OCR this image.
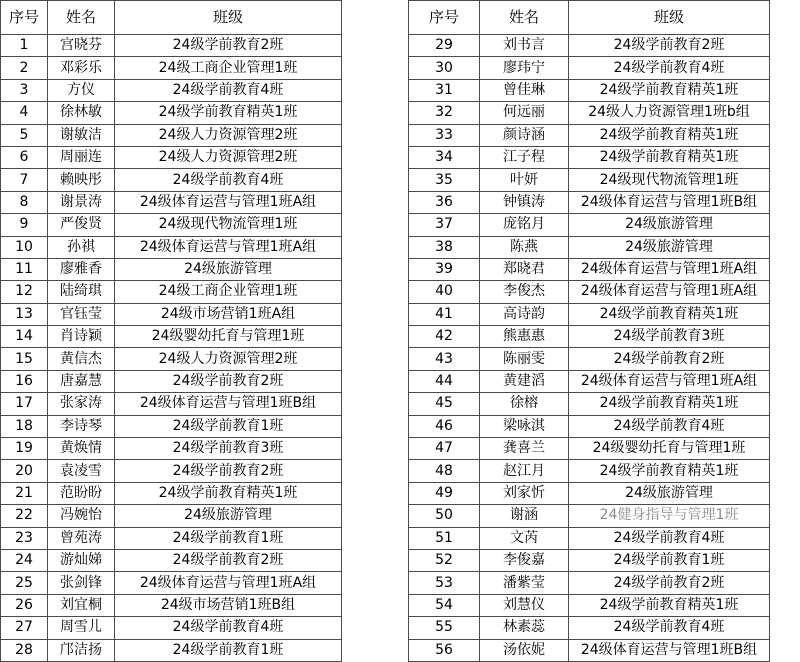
序号	姓名	班级
1	宫晓芬	24级学前教育2班
2	邓彩乐	24级工商企业管理1班
3	方仪	24级学前教育4班
4	徐林敏	24级学前教育精英1班
5	谢敏洁	24级人力资源管理2班
6	周丽连	24级人力资源管理2班
7	赖映彤	24级学前教育4班
8	谢景涛	24级体育运营与管理1班A组
9	严俊贤	24级现代物流管理1班
10	孙祺	24级体育运营与管理1班A组
11	廖雅香	24级旅游管理
12	陆绮琪	24级工商企业管理1班
13	官钰莹	24级市场营销1班A组
14	肖诗颖	24级婴幼托育与管理1班
15	黄信杰	24级人力资源管理2班
16	唐嘉慧	24级学前教育2班
17	张家涛	24级体育运营与管理1班B组
18	李诗琴	24级学前教育1班
19	黄焕情	24级学前教育3班
20	袁凌雪	24级学前教育2班
21	范盼盼	24级学前教育精英1班
22	冯婉怡	24级旅游管理
23	曾苑涛	24级学前教育1班
24	游灿娣	24级学前教育2班
25	张剑锋	24级体育运营与管理1班A组
26	刘宜桐	24级市场营销1班B组
27	周雪儿	24级学前教育4班
28	邝洁扬	24级学前教育1班
序号	姓名	班级
29	刘书言	24级学前教育2班
30	廖玮宁	24级学前教育4班
31	曾佳琳	24级学前教育精英1班
32	何远丽	24级人力资源管理1班b组
33	颜诗涵	24级学前教育精英1班
34	江子程	24级学前教育精英1班
35	叶妍	24级现代物流管理1班
36	钟镇涛	24级体育运营与管理1班B组
37	庞铭月	24级旅游管理
38	陈燕	24级旅游管理
39	郑晓君	24级体育运营与管理1班A组
40	李俊杰	24级体育运营与管理1班A组
41	高诗韵	24级学前教育精英1班
42	熊惠惠	24级学前教育3班
43	陈丽雯	24级学前教育2班
44	黄建滔	24级体育运营与管理1班A组
45	徐榕	24级学前教育精英1班
46	梁咏淇	24级学前教育4班
47	龚喜兰	24级婴幼托育与管理1班
48	赵江月	24级学前教育精英1班
49	刘家忻	24级旅游管理
50	谢涵	24健身指导与管理1班
51	文芮	24级学前教育4班
52	李俊嘉	24级学前教育1班
53	潘紫莹	24级学前教育2班
54	刘慧仪	24级学前教育精英1班
55	林素蕊	24级学前教育4班
56	汤依妮	24级体育运营与管理1班B组
